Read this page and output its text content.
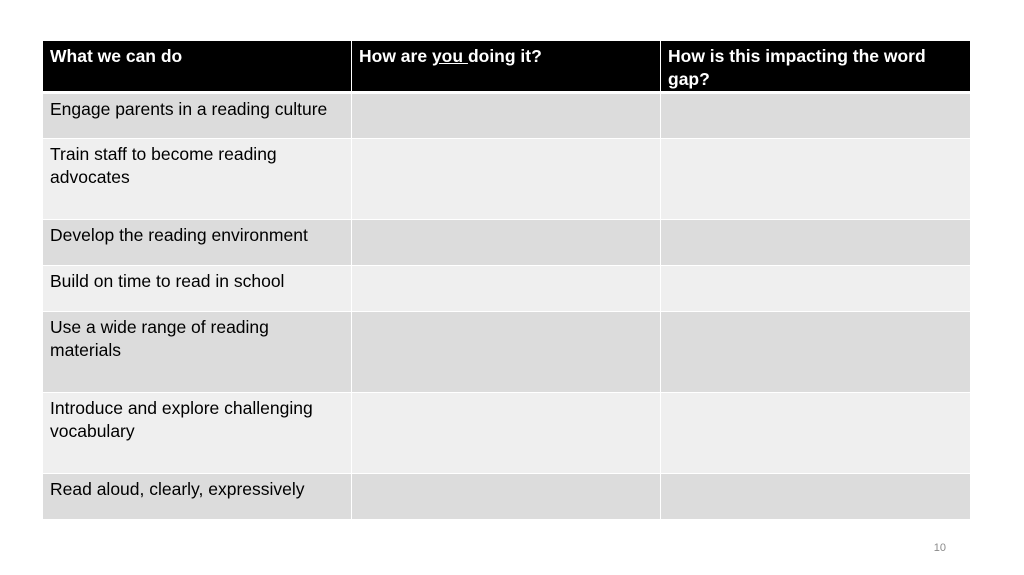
What we can do	How are you doing it?	How is this impacting the word gap?
Engage parents in a reading culture		
Train staff to become reading advocates		
Develop the reading environment		
Build on time to read in school		
Use a wide range of reading materials		
Introduce and explore challenging vocabulary		
Read aloud, clearly, expressively		
10
